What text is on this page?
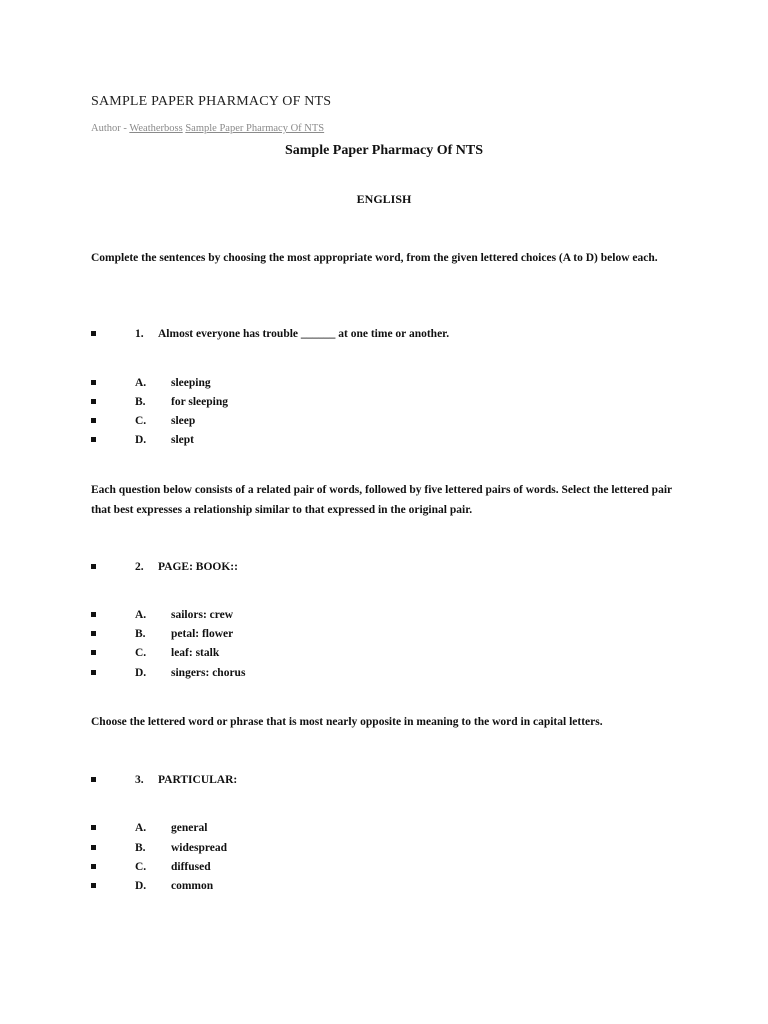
SAMPLE PAPER PHARMACY OF NTS
Author - Weatherboss Sample Paper Pharmacy Of NTS
Sample Paper Pharmacy Of NTS
ENGLISH
Complete the sentences by choosing the most appropriate word, from the given lettered choices (A to D) below each.
1. Almost everyone has trouble ______ at one time or another.
A. sleeping
B. for sleeping
C. sleep
D. slept
Each question below consists of a related pair of words, followed by five lettered pairs of words. Select the lettered pair that best expresses a relationship similar to that expressed in the original pair.
2. PAGE: BOOK::
A. sailors: crew
B. petal: flower
C. leaf: stalk
D. singers: chorus
Choose the lettered word or phrase that is most nearly opposite in meaning to the word in capital letters.
3. PARTICULAR:
A. general
B. widespread
C. diffused
D. common
